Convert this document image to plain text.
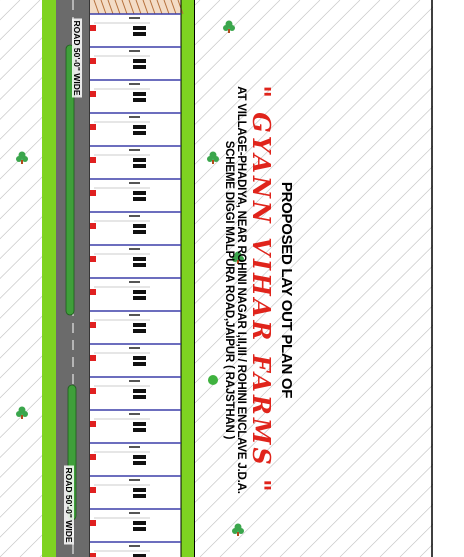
PROPOSED LAY OUT PLAN OF
" GYANN VIHAR FARMS "
AT VILLAGE-PHADIYA, NEAR ROHINI NAGAR I,II,III / ROHINI ENCLAVE J.D.A.
SCHEME DIGGI MALPURA ROAD,JAIPUR ( RAJSTHAN )
ROAD 50'-0" WIDE
ROAD 50'-0" WIDE
